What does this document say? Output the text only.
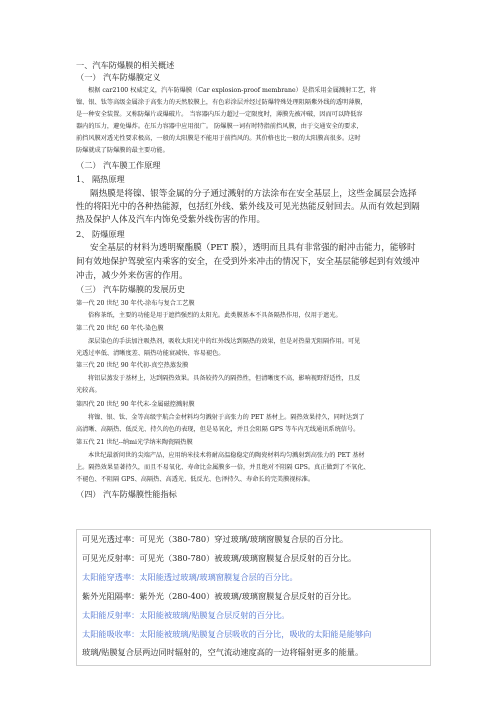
一、汽车防爆膜的相关概述
（一） 汽车防爆膜定义
根据 car2100 权威定义，汽车防爆膜（Car explosion-proof membrane）是指采用金属溅射工艺，将
镍、银、钛等高级金属涂于高张力的天然胶膜上，有色彩涂层并经过防爆特殊处理阻隔紫外线的透明薄膜，
是一种安全装置。又称防爆片或爆破片。 当容器内压力超过一定限度时，薄膜先被冲破，因而可以降低容
器内的压力，避免爆炸。在压力容器中应用很广。 防爆膜一词有时特指前挡风膜，由于交通安全的要求，
前挡风膜对透光性要求极高，一般的太阳膜是不能用于前挡风的。其价格也比一般的太阳膜高很多。这时
防爆就成了防爆膜的最主要功能。
（二） 汽车膜工作原理
1、 隔热原理
隔热膜是将镍、银等金属的分子通过溅射的方法涂布在安全基层上，这些金属层会选择
性的将阳光中的各种热能源，包括红外线、紫外线及可见光热能反射回去。从而有效起到隔
热及保护人体及汽车内饰免受紫外线伤害的作用。
2、 防爆原理
安全基层的材料为透明聚酯膜（PET 膜），透明而且具有非常强的耐冲击能力，能够时
间有效地保护驾驶室内乘客的安全，在受到外来冲击的情况下，安全基层能够起到有效缓冲
冲击，减少外来伤害的作用。
（三） 汽车防爆膜的发展历史
第一代 20 世纪 30 年代-涂布与复合工艺膜
俗称茶纸，主要的功能是用于遮挡强烈的太阳光。此类膜基本不具备隔热作用，仅用于遮光。
第二代 20 世纪 60 年代-染色膜
深层染色的手法加注吸热剂，吸收太阳光中的红外线达到隔热的效果，但是对热量无阻隔作用。可见
光透过率低、清晰度差、隔热功能衰减快、容易褪色。
第三代 20 世纪 90 年代初-真空热蒸发膜
将铝层蒸发于基材上，达到隔热效果。具备较持久的隔热性，但清晰度不高，影响视野舒适性，且反
光较高。
第四代 20 世纪 90 年代末-金属磁控溅射膜
将镍、银、钛、金等高级宇航合金材料均匀溅射于高张力的 PET 基材上。隔热效果持久，同时达到了
高清晰、高隔热、低反光、持久的色的表现，但是易氧化，并且会阻隔 GPS 等车内无线通讯系统信号。
第五代 21 世纪--纳mi光学纳米陶瓷隔热膜
本世纪最新问世的尖端产品，应用纳米技术将耐高温稳稳定的陶瓷材料均匀溅射到高张力的 PET 基材
上。隔热效果显著持久，而且不易氧化、寿命比金属膜多一倍，并且绝对不阻隔 GPS。真正做到了不氧化、
不褪色、不阻隔 GPS、高隔热、高透光、低反光、色泽持久、寿命长的完美膜视标准。
（四） 汽车防爆膜性能指标
可见光透过率：可见光（380-780）穿过玻璃/玻璃窗膜复合层的百分比。
可见光反射率：可见光（380-780）被玻璃/玻璃窗膜复合层反射的百分比。
太阳能穿透率：太阳能透过玻璃/玻璃窗膜复合层的百分比。
紫外光阻隔率：紫外光（280-400）被玻璃/玻璃窗膜复合层反射的百分比。
太阳能反射率：太阳能被玻璃/贴膜复合层反射的百分比。
太阳能吸收率：太阳能被玻璃/贴膜复合层吸收的百分比，吸收的太阳能是能够向
玻璃/贴膜复合层两边同时辐射的，空气流动速度高的一边将辐射更多的能量。
